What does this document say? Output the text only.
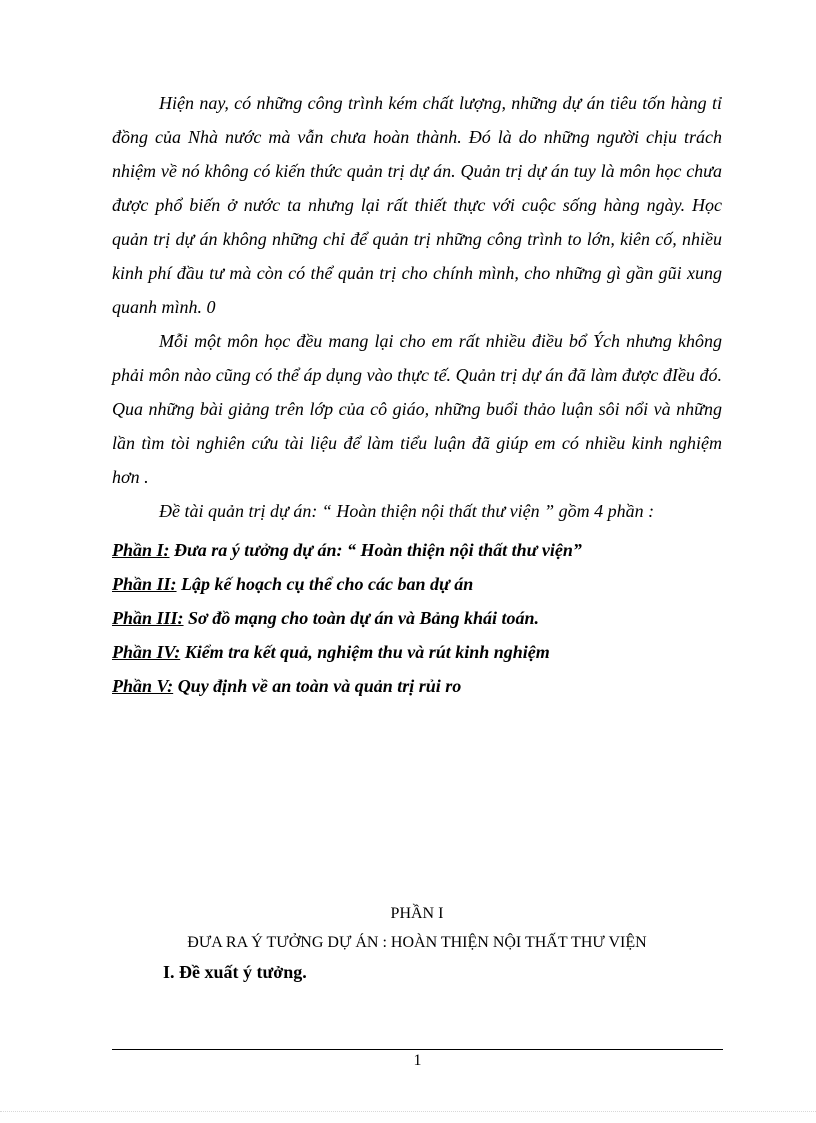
Hiện nay, có những công trình kém chất lượng, những dự án tiêu tốn hàng tỉ đồng của Nhà nước mà vẫn chưa hoàn thành. Đó là do những người chịu trách nhiệm về nó không có kiến thức quản trị dự án. Quản trị dự án tuy là môn học chưa được phổ biến ở nước ta nhưng lại rất thiết thực với cuộc sống hàng ngày. Học quản trị dự án không những chỉ để quản trị những công trình to lớn, kiên cố, nhiều kinh phí đầu tư mà còn có thể quản trị cho chính mình, cho những gì gần gũi xung quanh mình. 0

Mỗi một môn học đều mang lại cho em rất nhiều điều bổ Ých nhưng không phải môn nào cũng có thể áp dụng vào thực tế. Quản trị dự án đã làm được đIều đó. Qua những bài giảng trên lớp của cô giáo, những buổi thảo luận sôi nổi và những lần tìm tòi nghiên cứu tài liệu để làm tiểu luận đã giúp em có nhiều kinh nghiệm hơn .

Đề tài quản trị dự án: “ Hoàn thiện nội thất thư viện ” gồm 4 phần :

Phần I: Đưa ra ý tưởng dự án: “ Hoàn thiện nội thất thư viện”
Phần II: Lập kế hoạch cụ thể cho các ban dự án
Phần III: Sơ đồ mạng cho toàn dự án và Bảng khái toán.
Phần IV: Kiểm tra kết quả, nghiệm thu và rút kinh nghiệm
Phần V: Quy định về an toàn và quản trị rủi ro

PHẦN I

ĐƯA RA Ý TƯỞNG DỰ ÁN : HOÀN THIỆN NỘI THẤT THƯ VIỆN

I. Đề xuất ý tưởng.

1
